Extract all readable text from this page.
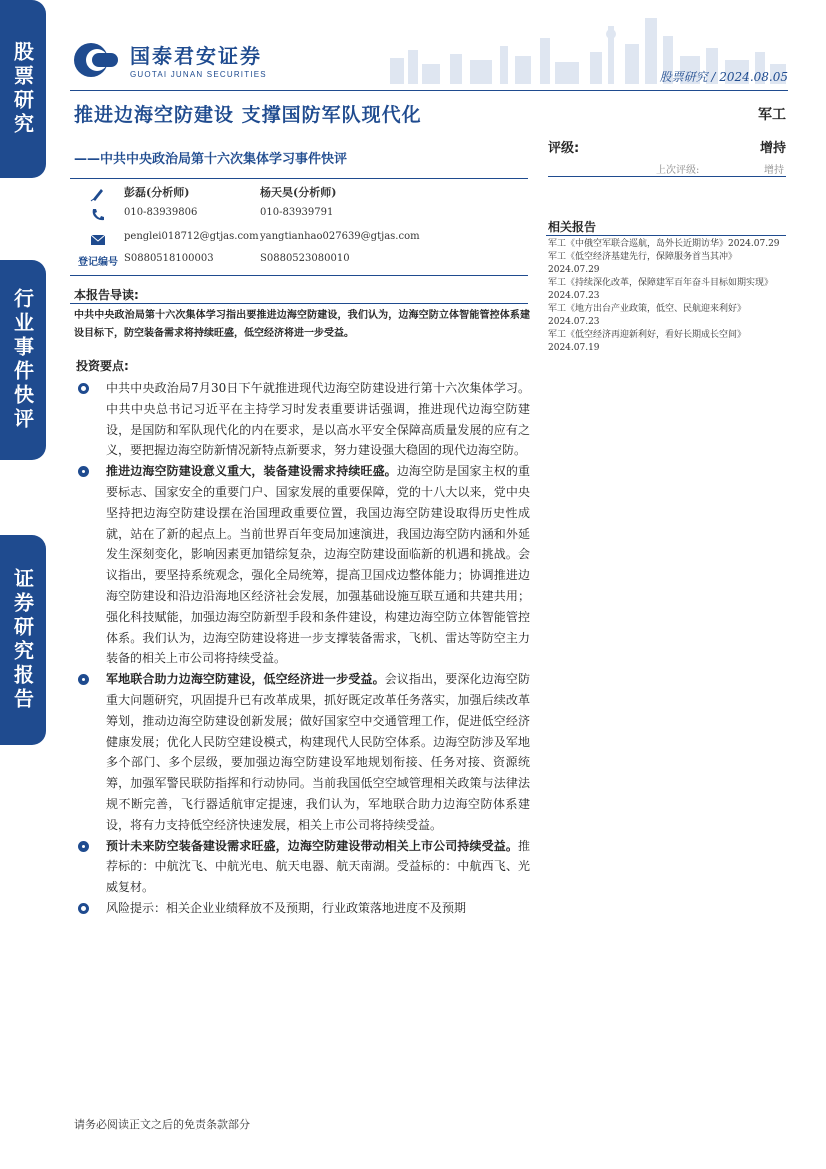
股票研究
行业事件快评
证券研究报告
国泰君安证券
GUOTAI JUNAN SECURITIES	股票研究 / 2024.08.05
推进边海空防建设 支撑国防军队现代化
——中共中央政治局第十六次集体学习事件快评
彭磊(分析师)	杨天昊(分析师)
010-83939806	010-83939791
penglei018712@gtjas.com yangtianhao027639@gtjas.com
登记编号 S0880518100003	S0880523080010
军工
评级:	增持
上次评级:	增持
相关报告
军工《中俄空军联合巡航，岛外长近期访华》2024.07.29
军工《低空经济基建先行，保障服务首当其冲》2024.07.29
军工《持续深化改革，保障建军百年奋斗目标如期实现》2024.07.23
军工《地方出台产业政策，低空、民航迎来利好》2024.07.23
军工《低空经济再迎新利好，看好长期成长空间》2024.07.19
本报告导读:
中共中央政治局第十六次集体学习指出要推进边海空防建设，我们认为，边海空防立体智能管控体系建设目标下，防空装备需求将持续旺盛，低空经济将进一步受益。
投资要点:
中共中央政治局7月30日下午就推进现代边海空防建设进行第十六次集体学习。中共中央总书记习近平在主持学习时发表重要讲话强调，推进现代边海空防建设，是国防和军队现代化的内在要求，是以高水平安全保障高质量发展的应有之义，要把握边海空防新情况新特点新要求，努力建设强大稳固的现代边海空防。
推进边海空防建设意义重大，装备建设需求持续旺盛。边海空防是国家主权的重要标志、国家安全的重要门户、国家发展的重要保障，党的十八大以来，党中央坚持把边海空防建设摆在治国理政重要位置，我国边海空防建设取得历史性成就，站在了新的起点上。当前世界百年变局加速演进，我国边海空防内涵和外延发生深刻变化，影响因素更加错综复杂，边海空防建设面临新的机遇和挑战。会议指出，要坚持系统观念，强化全局统筹，提高卫国戍边整体能力；协调推进边海空防建设和沿边沿海地区经济社会发展，加强基础设施互联互通和共建共用；强化科技赋能，加强边海空防新型手段和条件建设，构建边海空防立体智能管控体系。我们认为，边海空防建设将进一步支撑装备需求，飞机、雷达等防空主力装备的相关上市公司将持续受益。
军地联合助力边海空防建设，低空经济进一步受益。会议指出，要深化边海空防重大问题研究，巩固提升已有改革成果，抓好既定改革任务落实，加强后续改革筹划，推动边海空防建设创新发展；做好国家空中交通管理工作，促进低空经济健康发展；优化人民防空建设模式，构建现代人民防空体系。边海空防涉及军地多个部门、多个层级，要加强边海空防建设军地规划衔接、任务对接、资源统筹，加强军警民联防指挥和行动协同。当前我国低空空域管理相关政策与法律法规不断完善，飞行器适航审定提速，我们认为，军地联合助力边海空防体系建设，将有力支持低空经济快速发展，相关上市公司将持续受益。
预计未来防空装备建设需求旺盛，边海空防建设带动相关上市公司持续受益。推荐标的：中航沈飞、中航光电、航天电器、航天南湖。受益标的：中航西飞、光威复材。
风险提示：相关企业业绩释放不及预期，行业政策落地进度不及预期
请务必阅读正文之后的免责条款部分
